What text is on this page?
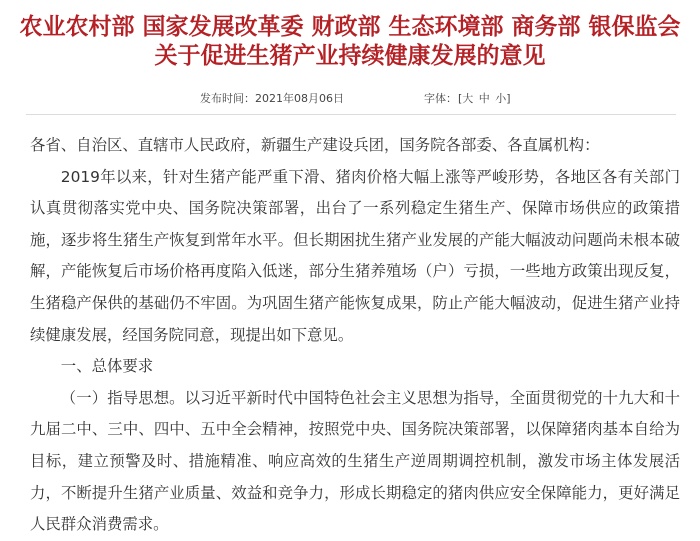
农业农村部 国家发展改革委 财政部 生态环境部 商务部 银保监会
关于促进生猪产业持续健康发展的意见
发布时间：2021年08月06日	字体：[大 中 小]

各省、自治区、直辖市人民政府，新疆生产建设兵团，国务院各部委、各直属机构：

2019年以来，针对生猪产能严重下滑、猪肉价格大幅上涨等严峻形势，各地区各有关部门认真贯彻落实党中央、国务院决策部署，出台了一系列稳定生猪生产、保障市场供应的政策措施，逐步将生猪生产恢复到常年水平。但长期困扰生猪产业发展的产能大幅波动问题尚未根本破解，产能恢复后市场价格再度陷入低迷，部分生猪养殖场（户）亏损，一些地方政策出现反复，生猪稳产保供的基础仍不牢固。为巩固生猪产能恢复成果，防止产能大幅波动，促进生猪产业持续健康发展，经国务院同意，现提出如下意见。

一、总体要求

（一）指导思想。以习近平新时代中国特色社会主义思想为指导，全面贯彻党的十九大和十九届二中、三中、四中、五中全会精神，按照党中央、国务院决策部署，以保障猪肉基本自给为目标，建立预警及时、措施精准、响应高效的生猪生产逆周期调控机制，激发市场主体发展活力，不断提升生猪产业质量、效益和竞争力，形成长期稳定的猪肉供应安全保障能力，更好满足人民群众消费需求。
